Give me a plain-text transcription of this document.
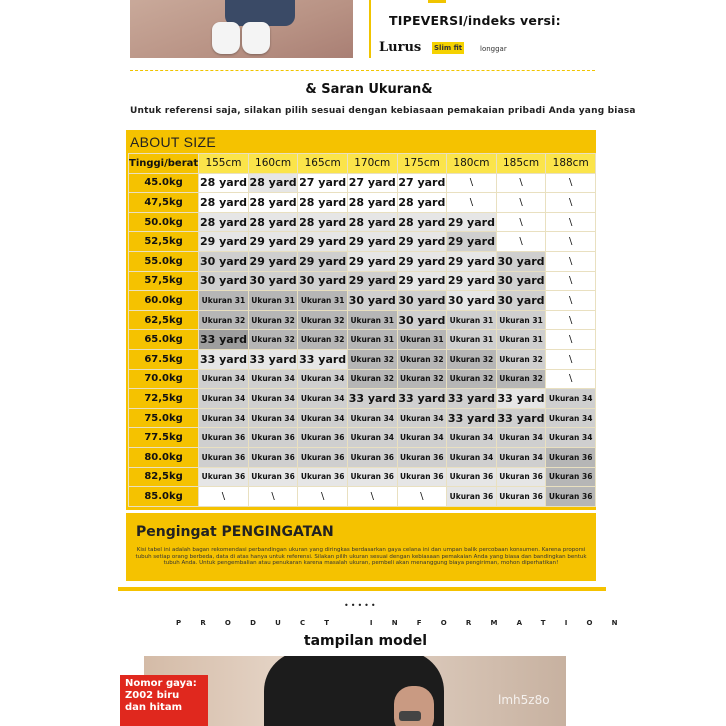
TIPEVERSI/indeks versi:
Lurus Slim fit	longgar
& Saran Ukuran&
Untuk referensi saja, silakan pilih sesuai dengan kebiasaan pemakaian pribadi Anda yang biasa
ABOUT SIZE
Tinggi/berat	155cm	160cm	165cm	170cm	175cm	180cm	185cm	188cm
45.0kg	28 yard	28 yard	27 yard	27 yard	27 yard	\	\	\
47,5kg	28 yard	28 yard	28 yard	28 yard	28 yard	\	\	\
50.0kg	28 yard	28 yard	28 yard	28 yard	28 yard	29 yard	\	\
52,5kg	29 yard	29 yard	29 yard	29 yard	29 yard	29 yard	\	\
55.0kg	30 yard	29 yard	29 yard	29 yard	29 yard	29 yard	30 yard	\
57,5kg	30 yard	30 yard	30 yard	29 yard	29 yard	29 yard	30 yard	\
60.0kg	Ukuran 31	Ukuran 31	Ukuran 31	30 yard	30 yard	30 yard	30 yard	\
62,5kg	Ukuran 32	Ukuran 32	Ukuran 32	Ukuran 31	30 yard	Ukuran 31	Ukuran 31	\
65.0kg	33 yard	Ukuran 32	Ukuran 32	Ukuran 31	Ukuran 31	Ukuran 31	Ukuran 31	\
67.5kg	33 yard	33 yard	33 yard	Ukuran 32	Ukuran 32	Ukuran 32	Ukuran 32	\
70.0kg	Ukuran 34	Ukuran 34	Ukuran 34	Ukuran 32	Ukuran 32	Ukuran 32	Ukuran 32	\
72,5kg	Ukuran 34	Ukuran 34	Ukuran 34	33 yard	33 yard	33 yard	33 yard	Ukuran 34
75.0kg	Ukuran 34	Ukuran 34	Ukuran 34	Ukuran 34	Ukuran 34	33 yard	33 yard	Ukuran 34
77.5kg	Ukuran 36	Ukuran 36	Ukuran 36	Ukuran 34	Ukuran 34	Ukuran 34	Ukuran 34	Ukuran 34
80.0kg	Ukuran 36	Ukuran 36	Ukuran 36	Ukuran 36	Ukuran 36	Ukuran 34	Ukuran 34	Ukuran 36
82,5kg	Ukuran 36	Ukuran 36	Ukuran 36	Ukuran 36	Ukuran 36	Ukuran 36	Ukuran 36	Ukuran 36
85.0kg	\	\	\	\	\	Ukuran 36	Ukuran 36	Ukuran 36
Pengingat PENGINGATAN
Kisi tabel ini adalah bagan rekomendasi perbandingan ukuran yang diringkas berdasarkan gaya celana ini dan umpan balik percobaan konsumen. Karena proporsi tubuh setiap orang berbeda, data di atas hanya untuk referensi. Silakan pilih ukuran sesuai dengan kebiasaan pemakaian Anda yang biasa dan bandingkan bentuk tubuh Anda. Untuk pengembalian atau penukaran karena masalah ukuran, pembeli akan menanggung biaya pengiriman, mohon diperhatikan!
•••••
PRODUCT INFORMATION
tampilan model
Nomor gaya:
Z002 biru
dan hitam
lmh5z8o
